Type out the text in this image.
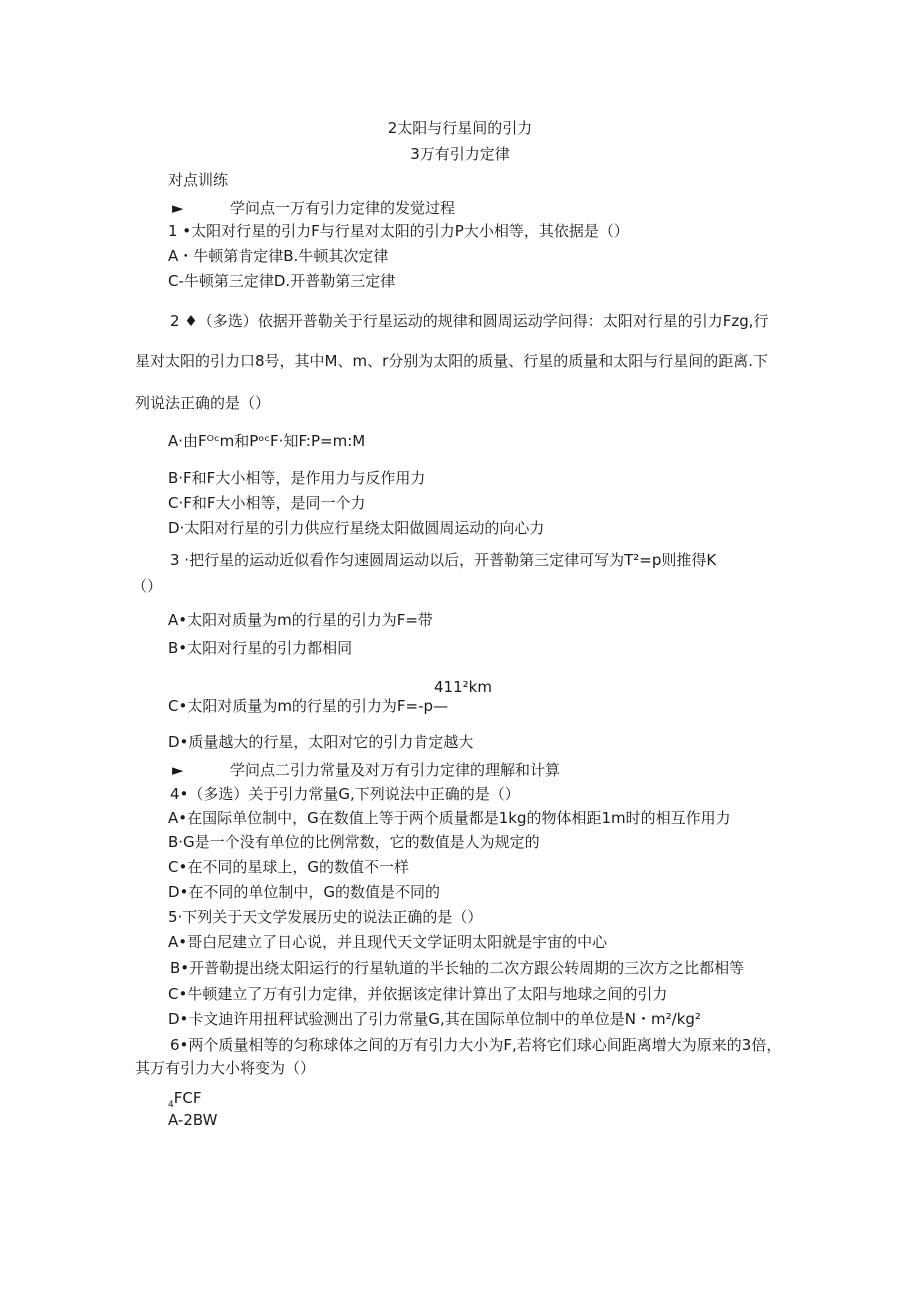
2太阳与行星间的引力
3万有引力定律
对点训练
►	学问点一万有引力定律的发觉过程
1 •太阳对行星的引力F与行星对太阳的引力P大小相等，其依据是（）
A・牛顿第肯定律B.牛顿其次定律
C-牛顿第三定律D.开普勒第三定律
2 ♦（多选）依据开普勒关于行星运动的规律和圆周运动学问得：太阳对行星的引力Fzg,行
星对太阳的引力口8号，其中M、m、r分别为太阳的质量、行星的质量和太阳与行星间的距离.下
列说法正确的是（）
A·由Fᴼᶜm和PᵒᶜF·知F:P=m:M
B·F和F大小相等，是作用力与反作用力
C·F和F大小相等，是同一个力
D·太阳对行星的引力供应行星绕太阳做圆周运动的向心力
3 ·把行星的运动近似看作匀速圆周运动以后，开普勒第三定律可写为T²=p则推得K
（）
A•太阳对质量为m的行星的引力为F=带
B•太阳对行星的引力都相同
411²km
C•太阳对质量为m的行星的引力为F=-p—
D•质量越大的行星，太阳对它的引力肯定越大
►	学问点二引力常量及对万有引力定律的理解和计算
4•（多选）关于引力常量G,下列说法中正确的是（）
A•在国际单位制中，G在数值上等于两个质量都是1kg的物体相距1m时的相互作用力
B·G是一个没有单位的比例常数，它的数值是人为规定的
C•在不同的星球上，G的数值不一样
D•在不同的单位制中，G的数值是不同的
5·下列关于天文学发展历史的说法正确的是（）
A•哥白尼建立了日心说，并且现代天文学证明太阳就是宇宙的中心
B•开普勒提出绕太阳运行的行星轨道的半长轴的二次方跟公转周期的三次方之比都相等
C•牛顿建立了万有引力定律，并依据该定律计算出了太阳与地球之间的引力
D•卡文迪许用扭秤试验测出了引力常量G,其在国际单位制中的单位是N・m²/kg²
6•两个质量相等的匀称球体之间的万有引力大小为F,若将它们球心间距离增大为原来的3倍，
其万有引力大小将变为（）
$_4$FCF
A-2BW
